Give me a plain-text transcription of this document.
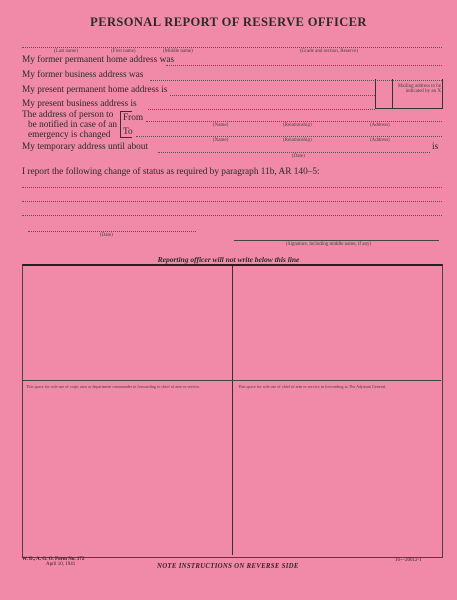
PERSONAL REPORT OF RESERVE OFFICER
(Last name)	(First name)	(Middle name)	(Grade and section, Reserve)
My former permanent home address was
My former business address was
Mailing address to be indicated by an X
My present permanent home address is
My present business address is
The address of person to
be notified in case of an
emergency is changed
From
(Name)	(Relationship)	(Address)
To
(Name)	(Relationship)	(Address)
My temporary address until about	is
(Date)
I report the following change of status as required by paragraph 11b, AR 140–5:
(Date)
(Signature, including middle name, if any)
Reporting officer will not write below this line
This space for sole use of corps area or department commander in forwarding to chief of arm or service.	This space for sole use of chief of arm or service in forwarding to The Adjutant General.
W. D., A. G. O. Form No. 172
April 10, 1941	NOTE INSTRUCTIONS ON REVERSE SIDE
16—20612-1
